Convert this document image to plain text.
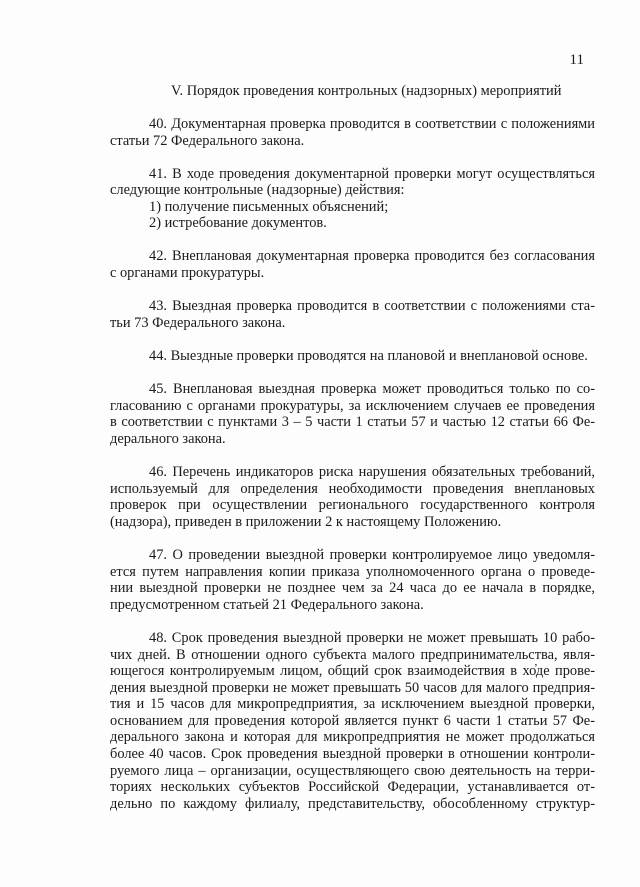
11
V. Порядок проведения контрольных (надзорных) мероприятий
40. Документарная проверка проводится в соответствии с положениями
статьи 72 Федерального закона.
41. В ходе проведения документарной проверки могут осуществляться
следующие контрольные (надзорные) действия:
1) получение письменных объяснений;
2) истребование документов.
42. Внеплановая документарная проверка проводится без согласования
с органами прокуратуры.
43. Выездная проверка проводится в соответствии с положениями ста-
тьи 73 Федерального закона.
44. Выездные проверки проводятся на плановой и внеплановой основе.
45. Внеплановая выездная проверка может проводиться только по со-
гласованию с органами прокуратуры, за исключением случаев ее проведения
в соответствии с пунктами 3 – 5 части 1 статьи 57 и частью 12 статьи 66 Фе-
дерального закона.
46. Перечень индикаторов риска нарушения обязательных требований,
используемый для определения необходимости проведения внеплановых
проверок при осуществлении регионального государственного контроля
(надзора), приведен в приложении 2 к настоящему Положению.
47. О проведении выездной проверки контролируемое лицо уведомля-
ется путем направления копии приказа уполномоченного органа о проведе-
нии выездной проверки не позднее чем за 24 часа до ее начала в порядке,
предусмотренном статьей 21 Федерального закона.
48. Срок проведения выездной проверки не может превышать 10 рабо-
чих дней. В отношении одного субъекта малого предпринимательства, явля-
ющегося контролируемым лицом, общий срок взаимодействия в хо̓де прове-
дения выездной проверки не может превышать 50 часов для малого предприя-
тия и 15 часов для микропредприятия, за исключением выездной проверки,
основанием для проведения которой является пункт 6 части 1 статьи 57 Фе-
дерального закона и которая для микропредприятия не может продолжаться
более 40 часов. Срок проведения выездной проверки в отношении контроли-
руемого лица – организации, осуществляющего свою деятельность на терри-
ториях нескольких субъектов Российской Федерации, устанавливается от-
дельно по каждому филиалу, представительству, обособленному структур-
